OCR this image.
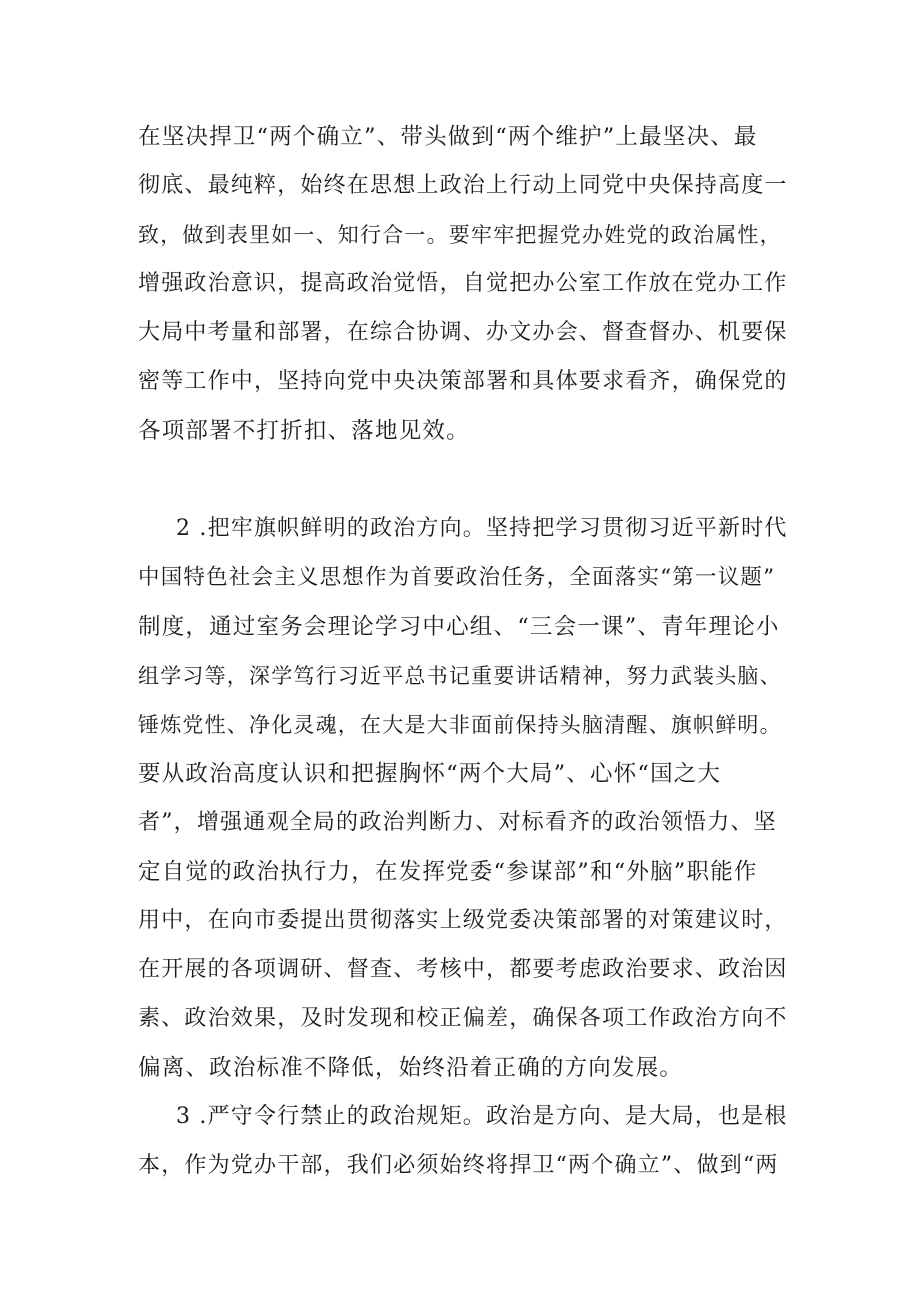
在坚决捍卫“两个确立”、带头做到“两个维护”上最坚决、最
彻底、最纯粹，始终在思想上政治上行动上同党中央保持高度一
致，做到表里如一、知行合一。要牢牢把握党办姓党的政治属性，
增强政治意识，提高政治觉悟，自觉把办公室工作放在党办工作
大局中考量和部署，在综合协调、办文办会、督查督办、机要保
密等工作中，坚持向党中央决策部署和具体要求看齐，确保党的
各项部署不打折扣、落地见效。
2 .把牢旗帜鲜明的政治方向。坚持把学习贯彻习近平新时代
中国特色社会主义思想作为首要政治任务，全面落实“第一议题”
制度，通过室务会理论学习中心组、“三会一课”、青年理论小
组学习等，深学笃行习近平总书记重要讲话精神，努力武装头脑、
锤炼党性、净化灵魂，在大是大非面前保持头脑清醒、旗帜鲜明。
要从政治高度认识和把握胸怀“两个大局”、心怀“国之大
者”，增强通观全局的政治判断力、对标看齐的政治领悟力、坚
定自觉的政治执行力，在发挥党委“参谋部”和“外脑”职能作
用中，在向市委提出贯彻落实上级党委决策部署的对策建议时，
在开展的各项调研、督查、考核中，都要考虑政治要求、政治因
素、政治效果，及时发现和校正偏差，确保各项工作政治方向不
偏离、政治标准不降低，始终沿着正确的方向发展。
3 .严守令行禁止的政治规矩。政治是方向、是大局，也是根
本，作为党办干部，我们必须始终将捍卫“两个确立”、做到“两
